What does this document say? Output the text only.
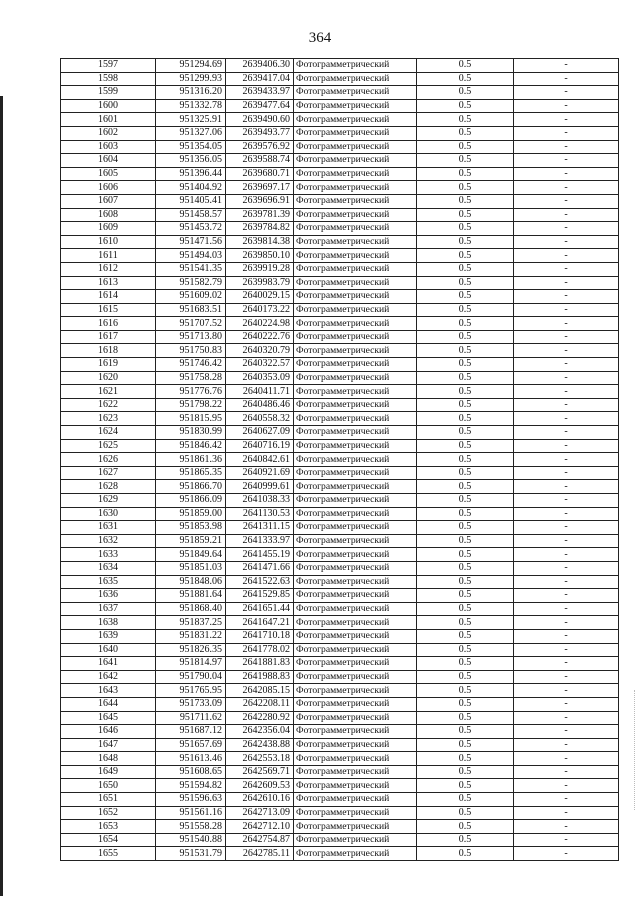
364
1597	951294.69	2639406.30	Фотограмметрический	0.5	-
1598	951299.93	2639417.04	Фотограмметрический	0.5	-
1599	951316.20	2639433.97	Фотограмметрический	0.5	-
1600	951332.78	2639477.64	Фотограмметрический	0.5	-
1601	951325.91	2639490.60	Фотограмметрический	0.5	-
1602	951327.06	2639493.77	Фотограмметрический	0.5	-
1603	951354.05	2639576.92	Фотограмметрический	0.5	-
1604	951356.05	2639588.74	Фотограмметрический	0.5	-
1605	951396.44	2639680.71	Фотограмметрический	0.5	-
1606	951404.92	2639697.17	Фотограмметрический	0.5	-
1607	951405.41	2639696.91	Фотограмметрический	0.5	-
1608	951458.57	2639781.39	Фотограмметрический	0.5	-
1609	951453.72	2639784.82	Фотограмметрический	0.5	-
1610	951471.56	2639814.38	Фотограмметрический	0.5	-
1611	951494.03	2639850.10	Фотограмметрический	0.5	-
1612	951541.35	2639919.28	Фотограмметрический	0.5	-
1613	951582.79	2639983.79	Фотограмметрический	0.5	-
1614	951609.02	2640029.15	Фотограмметрический	0.5	-
1615	951683.51	2640173.22	Фотограмметрический	0.5	-
1616	951707.52	2640224.98	Фотограмметрический	0.5	-
1617	951713.80	2640222.76	Фотограмметрический	0.5	-
1618	951750.83	2640320.79	Фотограмметрический	0.5	-
1619	951746.42	2640322.57	Фотограмметрический	0.5	-
1620	951758.28	2640353.09	Фотограмметрический	0.5	-
1621	951776.76	2640411.71	Фотограмметрический	0.5	-
1622	951798.22	2640486.46	Фотограмметрический	0.5	-
1623	951815.95	2640558.32	Фотограмметрический	0.5	-
1624	951830.99	2640627.09	Фотограмметрический	0.5	-
1625	951846.42	2640716.19	Фотограмметрический	0.5	-
1626	951861.36	2640842.61	Фотограмметрический	0.5	-
1627	951865.35	2640921.69	Фотограмметрический	0.5	-
1628	951866.70	2640999.61	Фотограмметрический	0.5	-
1629	951866.09	2641038.33	Фотограмметрический	0.5	-
1630	951859.00	2641130.53	Фотограмметрический	0.5	-
1631	951853.98	2641311.15	Фотограмметрический	0.5	-
1632	951859.21	2641333.97	Фотограмметрический	0.5	-
1633	951849.64	2641455.19	Фотограмметрический	0.5	-
1634	951851.03	2641471.66	Фотограмметрический	0.5	-
1635	951848.06	2641522.63	Фотограмметрический	0.5	-
1636	951881.64	2641529.85	Фотограмметрический	0.5	-
1637	951868.40	2641651.44	Фотограмметрический	0.5	-
1638	951837.25	2641647.21	Фотограмметрический	0.5	-
1639	951831.22	2641710.18	Фотограмметрический	0.5	-
1640	951826.35	2641778.02	Фотограмметрический	0.5	-
1641	951814.97	2641881.83	Фотограмметрический	0.5	-
1642	951790.04	2641988.83	Фотограмметрический	0.5	-
1643	951765.95	2642085.15	Фотограмметрический	0.5	-
1644	951733.09	2642208.11	Фотограмметрический	0.5	-
1645	951711.62	2642280.92	Фотограмметрический	0.5	-
1646	951687.12	2642356.04	Фотограмметрический	0.5	-
1647	951657.69	2642438.88	Фотограмметрический	0.5	-
1648	951613.46	2642553.18	Фотограмметрический	0.5	-
1649	951608.65	2642569.71	Фотограмметрический	0.5	-
1650	951594.82	2642609.53	Фотограмметрический	0.5	-
1651	951596.63	2642610.16	Фотограмметрический	0.5	-
1652	951561.16	2642713.09	Фотограмметрический	0.5	-
1653	951558.28	2642712.10	Фотограмметрический	0.5	-
1654	951540.88	2642754.87	Фотограмметрический	0.5	-
1655	951531.79	2642785.11	Фотограмметрический	0.5	-
